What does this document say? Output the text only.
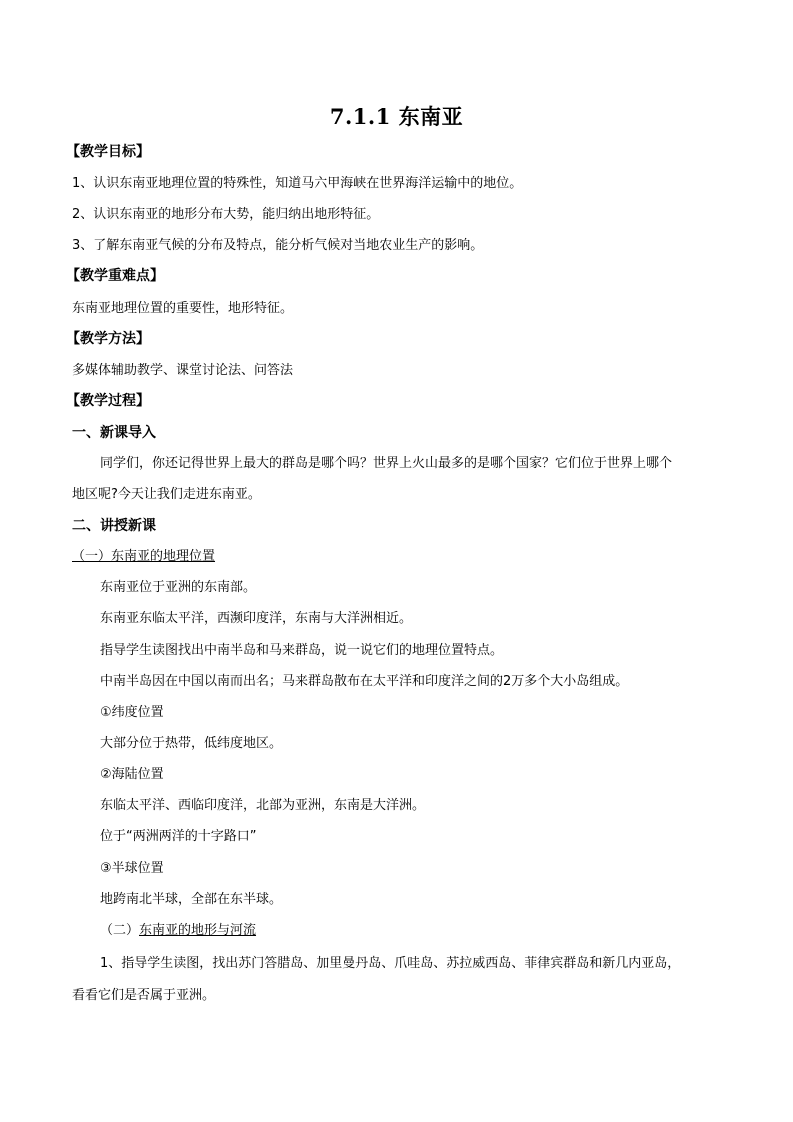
7.1.1 东南亚
【教学目标】
1、认识东南亚地理位置的特殊性，知道马六甲海峡在世界海洋运输中的地位。
2、认识东南亚的地形分布大势，能归纳出地形特征。
3、了解东南亚气候的分布及特点，能分析气候对当地农业生产的影响。
【教学重难点】
东南亚地理位置的重要性，地形特征。
【教学方法】
多媒体辅助教学、课堂讨论法、问答法
【教学过程】
一、新课导入
同学们，你还记得世界上最大的群岛是哪个吗？世界上火山最多的是哪个国家？它们位于世界上哪个
地区呢?今天让我们走进东南亚。
二、讲授新课
（一）东南亚的地理位置
东南亚位于亚洲的东南部。
东南亚东临太平洋，西濒印度洋，东南与大洋洲相近。
指导学生读图找出中南半岛和马来群岛，说一说它们的地理位置特点。
中南半岛因在中国以南而出名；马来群岛散布在太平洋和印度洋之间的2万多个大小岛组成。
①纬度位置
大部分位于热带，低纬度地区。
②海陆位置
东临太平洋、西临印度洋，北部为亚洲，东南是大洋洲。
位于“两洲两洋的十字路口”
③半球位置
地跨南北半球，全部在东半球。
（二）东南亚的地形与河流
1、指导学生读图，找出苏门答腊岛、加里曼丹岛、爪哇岛、苏拉威西岛、菲律宾群岛和新几内亚岛，
看看它们是否属于亚洲。
